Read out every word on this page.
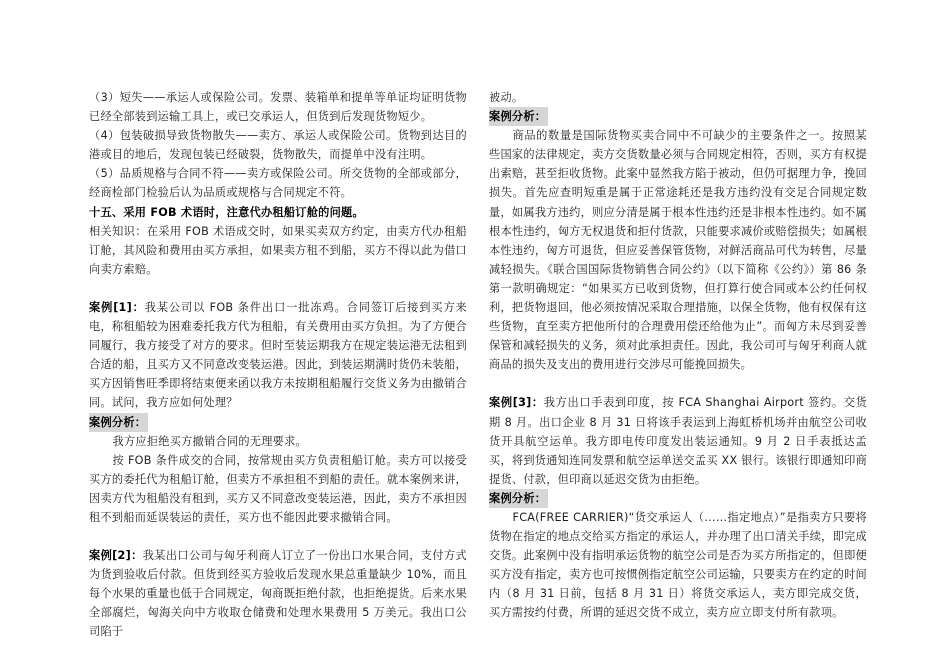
（3）短失——承运人或保险公司。发票、装箱单和提单等单证均证明货物已经全部装到运输工具上，或已交承运人，但货到后发现货物短少。

（4）包装破损导致货物散失——卖方、承运人或保险公司。货物到达目的港或目的地后，发现包装已经破裂，货物散失，而提单中没有注明。

（5）品质规格与合同不符——卖方或保险公司。所交货物的全部或部分，经商检部门检验后认为品质或规格与合同规定不符。

十五、采用 FOB 术语时，注意代办租船订舱的问题。

相关知识：在采用 FOB 术语成交时，如果买卖双方约定，由卖方代办租船订舱，其风险和费用由买方承担，如果卖方租不到船，买方不得以此为借口向卖方索赔。

案例[1]：我某公司以 FOB 条件出口一批冻鸡。合同签订后接到买方来电，称租船较为困难委托我方代为租船，有关费用由买方负担。为了方便合同履行，我方接受了对方的要求。但时至装运期我方在规定装运港无法租到合适的船，且买方又不同意改变装运港。因此，到装运期满时货仍未装船，买方因销售旺季即将结束便来函以我方未按期租船履行交货义务为由撤销合同。试问，我方应如何处理？

案例分析：

我方应拒绝买方撤销合同的无理要求。

按 FOB 条件成交的合同，按常规由买方负责租船订舱。卖方可以接受买方的委托代为租船订舱，但卖方不承担租不到船的责任。就本案例来讲，因卖方代为租船没有租到，买方又不同意改变装运港，因此，卖方不承担因租不到船而延误装运的责任，买方也不能因此要求撤销合同。

案例[2]：我某出口公司与匈牙利商人订立了一份出口水果合同，支付方式为货到验收后付款。但货到经买方验收后发现水果总重量缺少 10%，而且每个水果的重量也低于合同规定，匈商既拒绝付款，也拒绝提货。后来水果全部腐烂，匈海关向中方收取仓储费和处理水果费用 5 万美元。我出口公司陷于

被动。

案例分析：

商品的数量是国际货物买卖合同中不可缺少的主要条件之一。按照某些国家的法律规定，卖方交货数量必须与合同规定相符，否则，买方有权提出索赔，甚至拒收货物。此案中显然我方陷于被动，但仍可据理力争，挽回损失。首先应查明短重是属于正常途耗还是我方违约没有交足合同规定数量，如属我方违约，则应分清是属于根本性违约还是非根本性违约。如不属根本性违约，匈方无权退货和拒付货款，只能要求减价或赔偿损失；如属根本性违约，匈方可退货，但应妥善保管货物，对鲜活商品可代为转售，尽量减轻损失。《联合国国际货物销售合同公约》（以下简称《公约》）第 86 条第一款明确规定：“如果买方已收到货物，但打算行使合同或本公约任何权利，把货物退回，他必须按情况采取合理措施，以保全货物，他有权保有这些货物，直至卖方把他所付的合理费用偿还给他为止”。而匈方未尽到妥善保管和减轻损失的义务，须对此承担责任。因此，我公司可与匈牙利商人就商品的损失及支出的费用进行交涉尽可能挽回损失。

案例[3]：我方出口手表到印度，按 FCA Shanghai Airport 签约。交货期 8 月。出口企业 8 月 31 日将该手表运到上海虹桥机场并由航空公司收货开具航空运单。我方即电传印度发出装运通知。9 月 2 日手表抵达孟买，将到货通知连同发票和航空运单送交孟买 XX 银行。该银行即通知印商提货、付款，但印商以延迟交货为由拒绝。

案例分析：

FCA(FREE CARRIER)“货交承运人（……指定地点）”是指卖方只要将货物在指定的地点交给买方指定的承运人，并办理了出口清关手续，即完成交货。此案例中没有指明承运货物的航空公司是否为买方所指定的，但即便买方没有指定，卖方也可按惯例指定航空公司运输，只要卖方在约定的时间内（8 月 31 日前，包括 8 月 31 日）将货交承运人，卖方即完成交货，买方需按约付费，所谓的延迟交货不成立，卖方应立即支付所有款项。
